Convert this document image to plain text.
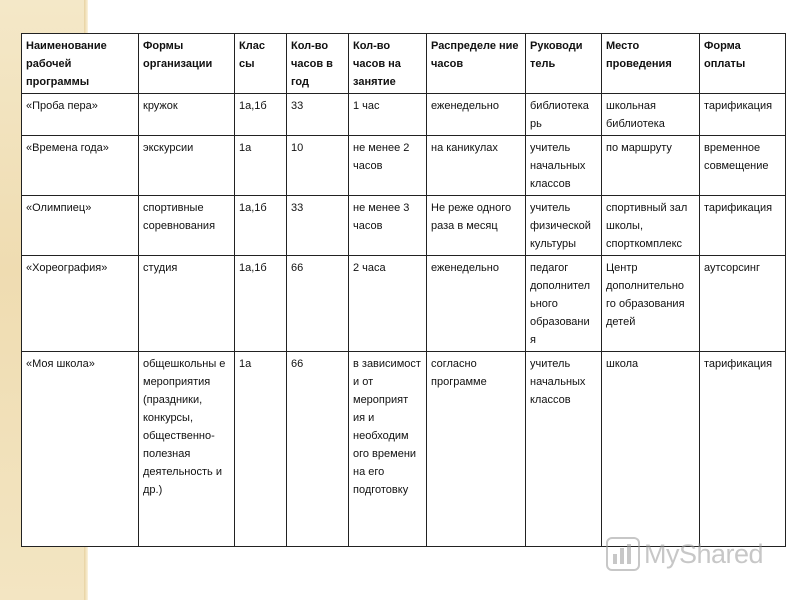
Наименование рабочей программы	Формы организации	Клас сы	Кол-во часов в год	Кол-во часов на занятие	Распределе ние часов	Руководи тель	Место проведения	Форма оплаты
«Проба пера»	кружок	1а,1б	33	1 час	еженедельно	библиотека рь	школьная библиотека	тарификация
«Времена года»	экскурсии	1а	10	не менее 2 часов	на каникулах	учитель начальных классов	по маршруту	временное совмещение
«Олимпиец»	спортивные соревнования	1а,1б	33	не менее 3 часов	Не реже одного раза в месяц	учитель физической культуры	спортивный зал школы, спорткомплекс	тарификация
«Хореография»	студия	1а,1б	66	2 часа	еженедельно	педагог дополнител ьного образовани я	Центр дополнительно го образования детей	аутсорсинг
«Моя школа»	общешкольны е мероприятия (праздники, конкурсы, общественно-полезная деятельность и др.)	1а	66	в зависимост и от мероприят ия и необходим ого времени на его подготовку	согласно программе	учитель начальных классов	школа	тарификация
MyShared
